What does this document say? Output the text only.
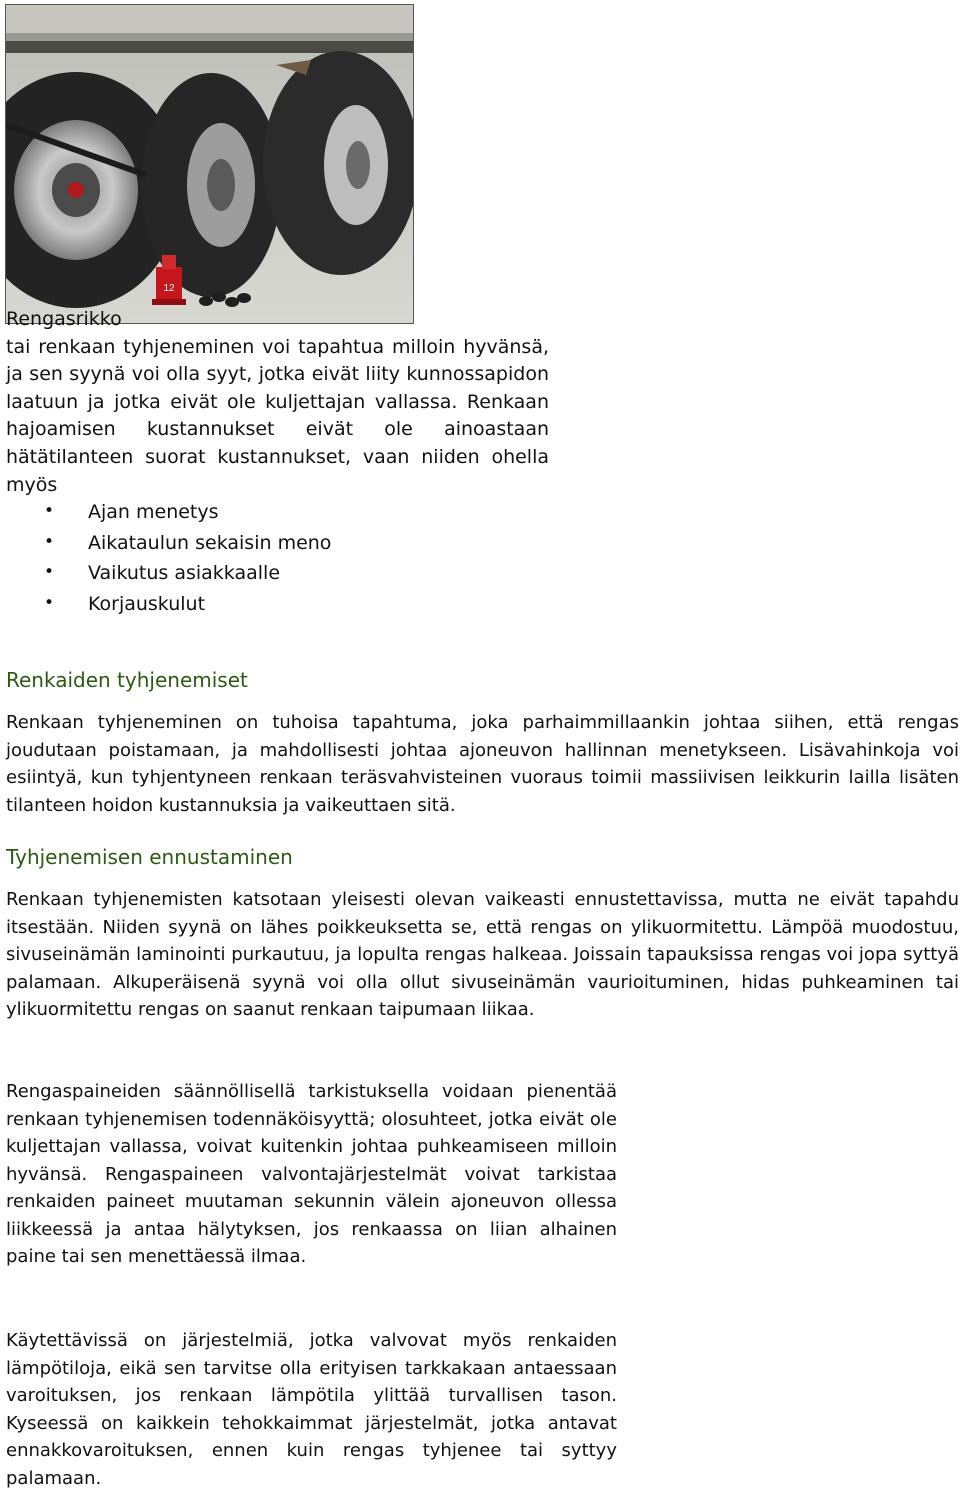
12

Rengasrikko
tai renkaan tyhjeneminen voi tapahtua milloin hyvänsä, ja sen syynä voi olla syyt, jotka eivät liity kunnossapidon laatuun ja jotka eivät ole kuljettajan vallassa. Renkaan hajoamisen kustannukset eivät ole ainoastaan hätätilanteen suorat kustannukset, vaan niiden ohella myös

• Ajan menetys
• Aikataulun sekaisin meno
• Vaikutus asiakkaalle
• Korjauskulut
Renkaiden tyhjenemiset

Renkaan tyhjeneminen on tuhoisa tapahtuma, joka parhaimmillaankin johtaa siihen, että rengas joudutaan poistamaan, ja mahdollisesti johtaa ajoneuvon hallinnan menetykseen. Lisävahinkoja voi esiintyä, kun tyhjentyneen renkaan teräsvahvisteinen vuoraus toimii massiivisen leikkurin lailla lisäten tilanteen hoidon kustannuksia ja vaikeuttaen sitä.

Tyhjenemisen ennustaminen

Renkaan tyhjenemisten katsotaan yleisesti olevan vaikeasti ennustettavissa, mutta ne eivät tapahdu itsestään. Niiden syynä on lähes poikkeuksetta se, että rengas on ylikuormitettu. Lämpöä muodostuu, sivuseinämän laminointi purkautuu, ja lopulta rengas halkeaa. Joissain tapauksissa rengas voi jopa syttyä palamaan. Alkuperäisenä syynä voi olla ollut sivuseinämän vaurioituminen, hidas puhkeaminen tai ylikuormitettu rengas on saanut renkaan taipumaan liikaa.

Rengaspaineiden säännöllisellä tarkistuksella voidaan pienentää renkaan tyhjenemisen todennäköisyyttä; olosuhteet, jotka eivät ole kuljettajan vallassa, voivat kuitenkin johtaa puhkeamiseen milloin hyvänsä. Rengaspaineen valvontajärjestelmät voivat tarkistaa renkaiden paineet muutaman sekunnin välein ajoneuvon ollessa liikkeessä ja antaa hälytyksen, jos renkaassa on liian alhainen paine tai sen menettäessä ilmaa.

Käytettävissä on järjestelmiä, jotka valvovat myös renkaiden lämpötiloja, eikä sen tarvitse olla erityisen tarkkakaan antaessaan varoituksen, jos renkaan lämpötila ylittää turvallisen tason. Kyseessä on kaikkein tehokkaimmat järjestelmät, jotka antavat ennakkovaroituksen, ennen kuin rengas tyhjenee tai syttyy palamaan.
